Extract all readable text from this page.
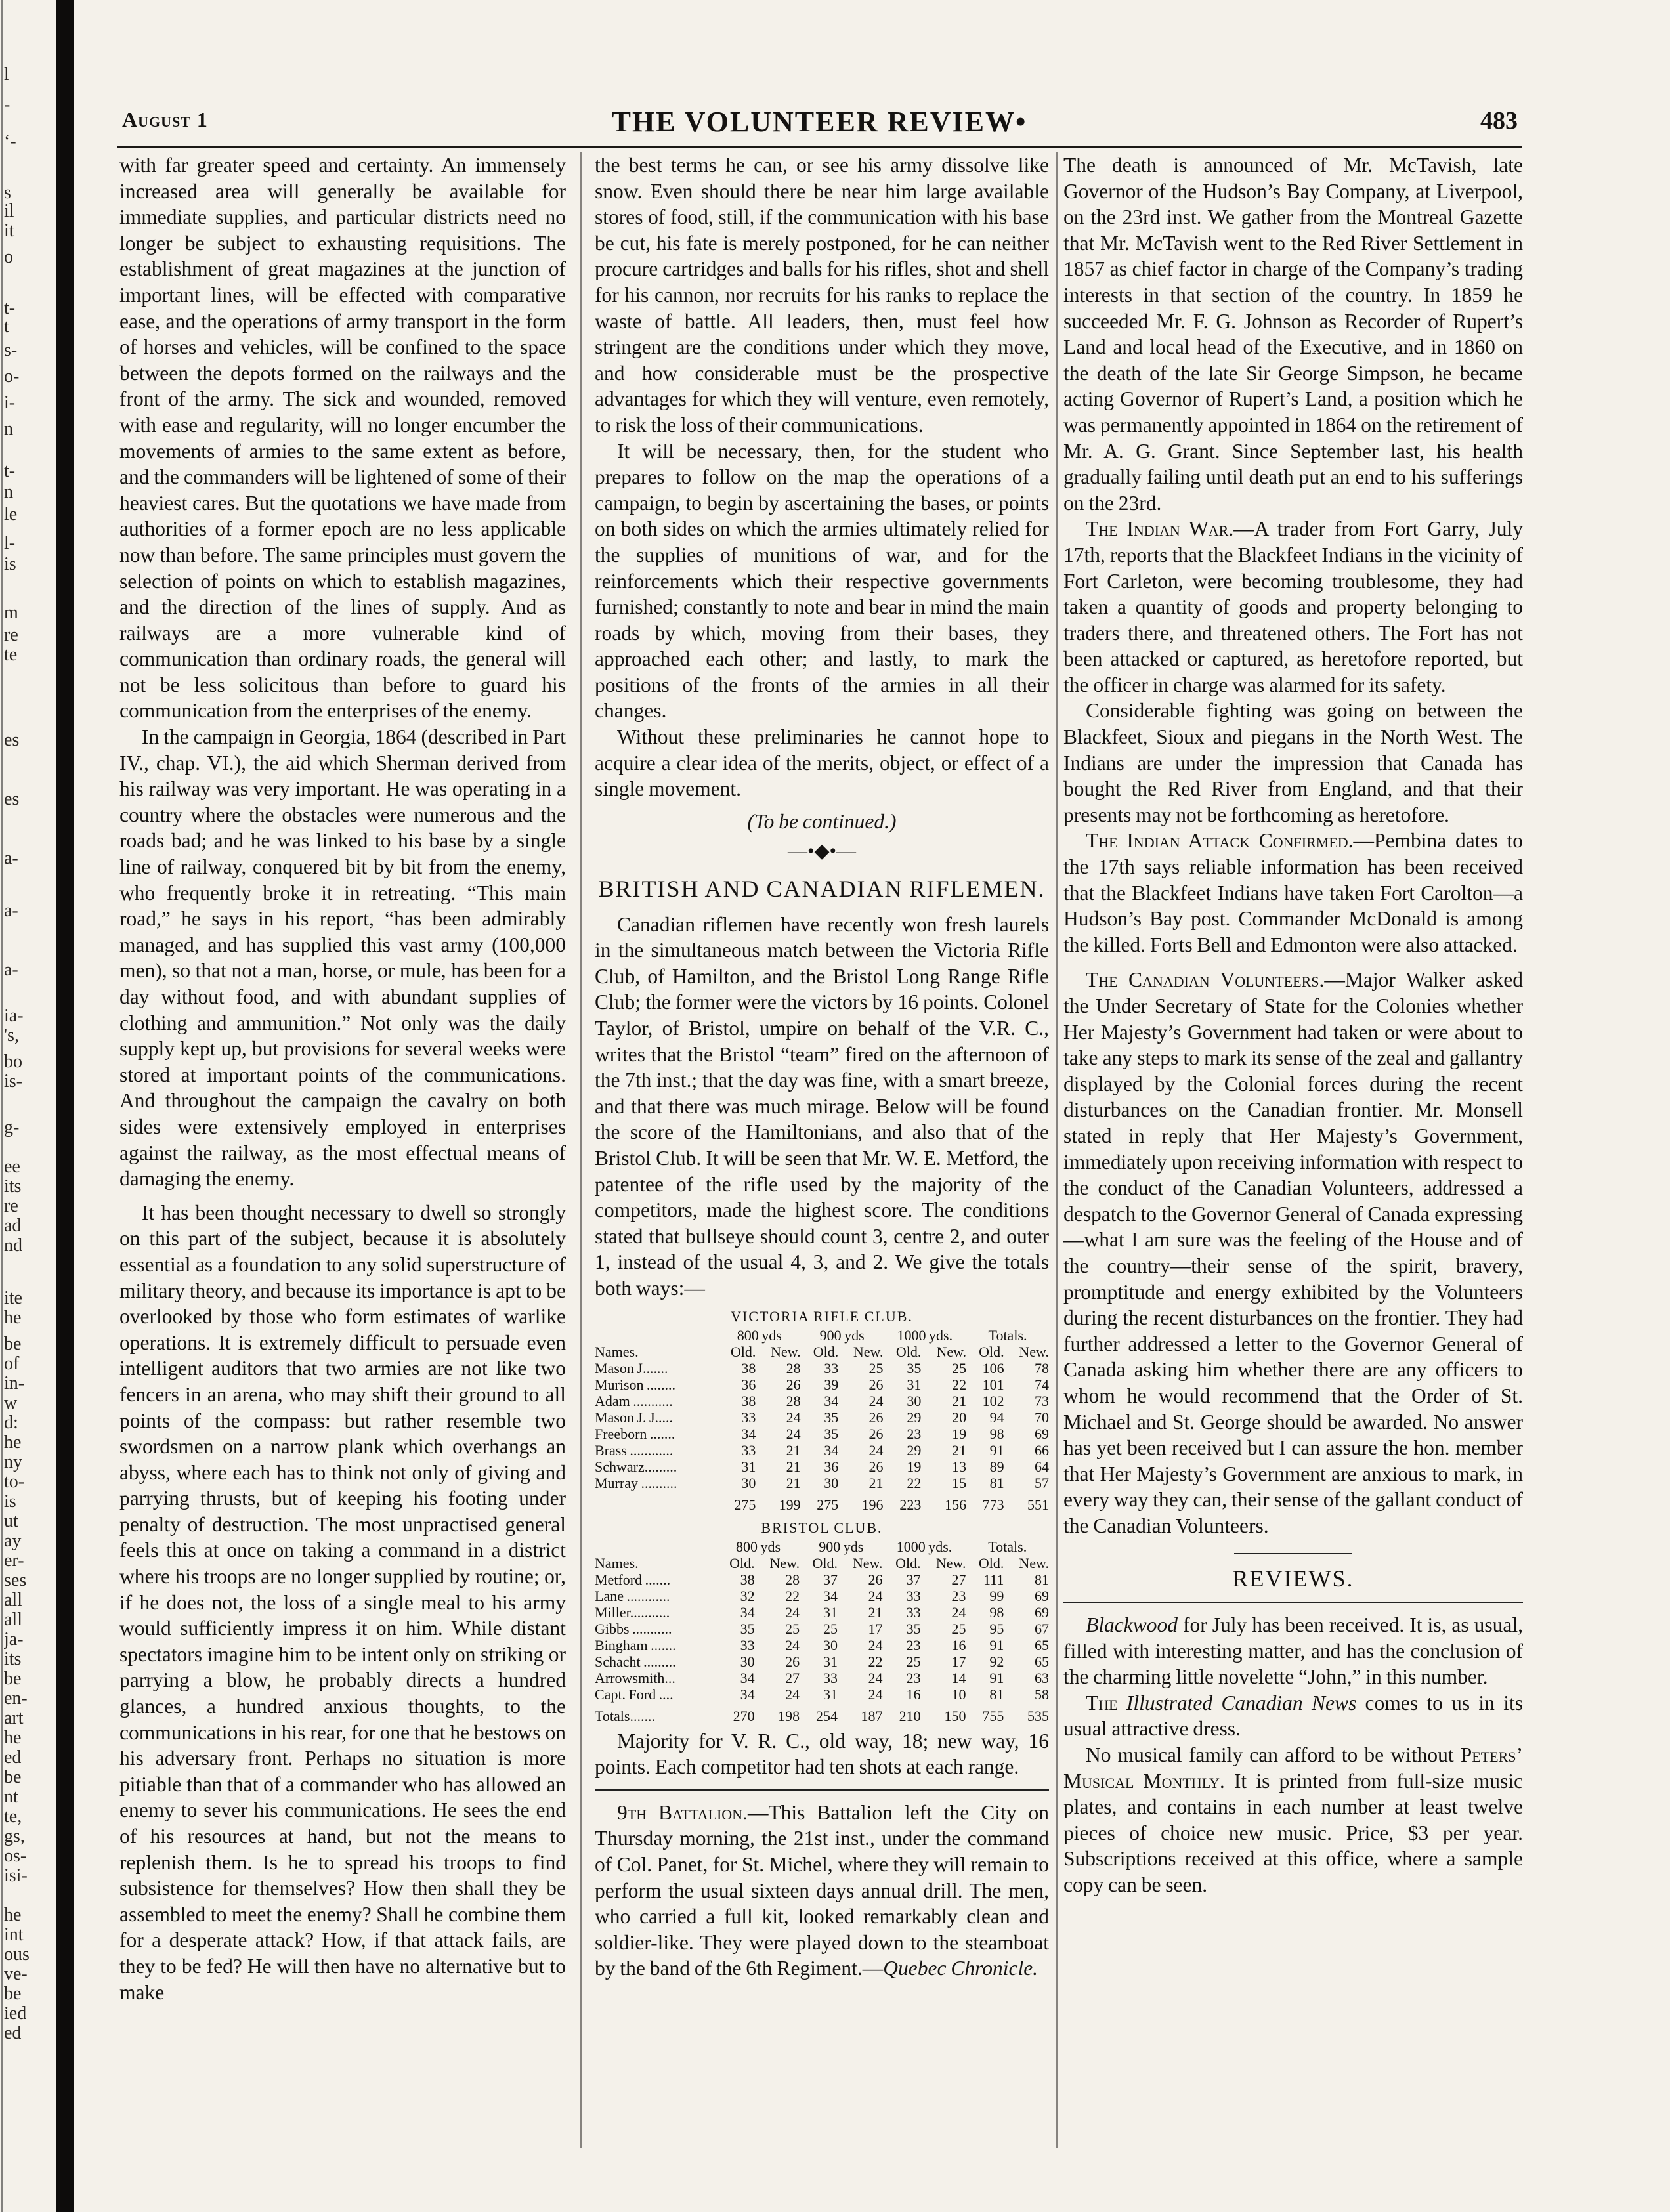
l
-
‘-
s
il
it
o
t-
t
s-
o-
i-
n
t-
n
le
l-
is
m
re
te
es
es
a-
a-
a-
ia-
's,
bo
is-
g-
ee
its
re
ad
nd
ite
he
be
of
in-
w
d:
he
ny
to-
is
ut
ay
er-
ses
all
all
ja-
its
be
en-
art
he
ed
be
nt
te,
gs,
os-
isi-
he
int
ous
ve-
be
ied
ed
August 1	THE VOLUNTEER REVIEW•	483

with far greater speed and certainty. An immensely increased area will generally be available for immediate supplies, and particular districts need no longer be subject to exhausting requisitions. The establishment of great magazines at the junction of important lines, will be effected with comparative ease, and the operations of army transport in the form of horses and vehicles, will be confined to the space between the depots formed on the railways and the front of the army. The sick and wounded, removed with ease and regularity, will no longer encumber the movements of armies to the same extent as before, and the commanders will be lightened of some of their heaviest cares. But the quotations we have made from authorities of a former epoch are no less applicable now than before. The same principles must govern the selection of points on which to establish magazines, and the direction of the lines of supply. And as railways are a more vulnerable kind of communication than ordinary roads, the general will not be less solicitous than before to guard his communication from the enterprises of the enemy.

In the campaign in Georgia, 1864 (described in Part IV., chap. VI.), the aid which Sherman derived from his railway was very important. He was operating in a country where the obstacles were numerous and the roads bad; and he was linked to his base by a single line of railway, conquered bit by bit from the enemy, who frequently broke it in retreating. “This main road,” he says in his report, “has been admirably managed, and has supplied this vast army (100,000 men), so that not a man, horse, or mule, has been for a day without food, and with abundant supplies of clothing and ammunition.” Not only was the daily supply kept up, but provisions for several weeks were stored at important points of the communications. And throughout the campaign the cavalry on both sides were extensively employed in enterprises against the railway, as the most effectual means of damaging the enemy.

It has been thought necessary to dwell so strongly on this part of the subject, because it is absolutely essential as a foundation to any solid superstructure of military theory, and because its importance is apt to be overlooked by those who form estimates of warlike operations. It is extremely difficult to persuade even intelligent auditors that two armies are not like two fencers in an arena, who may shift their ground to all points of the compass: but rather resemble two swordsmen on a narrow plank which overhangs an abyss, where each has to think not only of giving and parrying thrusts, but of keeping his footing under penalty of destruction. The most unpractised general feels this at once on taking a command in a district where his troops are no longer supplied by routine; or, if he does not, the loss of a single meal to his army would sufficiently impress it on him. While distant spectators imagine him to be intent only on striking or parrying a blow, he probably directs a hundred glances, a hundred anxious thoughts, to the communications in his rear, for one that he bestows on his adversary front. Perhaps no situation is more pitiable than that of a commander who has allowed an enemy to sever his communications. He sees the end of his resources at hand, but not the means to replenish them. Is he to spread his troops to find subsistence for themselves? How then shall they be assembled to meet the enemy? Shall he combine them for a desperate attack? How, if that attack fails, are they to be fed? He will then have no alternative but to make

the best terms he can, or see his army dissolve like snow. Even should there be near him large available stores of food, still, if the communication with his base be cut, his fate is merely postponed, for he can neither procure cartridges and balls for his rifles, shot and shell for his cannon, nor recruits for his ranks to replace the waste of battle. All leaders, then, must feel how stringent are the conditions under which they move, and how considerable must be the prospective advantages for which they will venture, even remotely, to risk the loss of their communications.

It will be necessary, then, for the student who prepares to follow on the map the operations of a campaign, to begin by ascertaining the bases, or points on both sides on which the armies ultimately relied for the supplies of munitions of war, and for the reinforcements which their respective governments furnished; constantly to note and bear in mind the main roads by which, moving from their bases, they approached each other; and lastly, to mark the positions of the fronts of the armies in all their changes.

Without these preliminaries he cannot hope to acquire a clear idea of the merits, object, or effect of a single movement.

(To be continued.)
—•◆•—
BRITISH AND CANADIAN RIFLEMEN.

Canadian riflemen have recently won fresh laurels in the simultaneous match between the Victoria Rifle Club, of Hamilton, and the Bristol Long Range Rifle Club; the former were the victors by 16 points. Colonel Taylor, of Bristol, umpire on behalf of the V.R. C., writes that the Bristol “team” fired on the afternoon of the 7th inst.; that the day was fine, with a smart breeze, and that there was much mirage. Below will be found the score of the Hamiltonians, and also that of the Bristol Club. It will be seen that Mr. W. E. Metford, the patentee of the rifle used by the majority of the competitors, made the highest score. The conditions stated that bullseye should count 3, centre 2, and outer 1, instead of the usual 4, 3, and 2. We give the totals both ways:—

VICTORIA RIFLE CLUB.
	800 yds		900 yds		1000 yds.		Totals.	
Names.	Old.	New.	Old.	New.	Old.	New.	Old.	New.
Mason J.......	38	28	33	25	35	25	106	78
Murison ........	36	26	39	26	31	22	101	74
Adam ...........	38	28	34	24	30	21	102	73
Mason J. J.....	33	24	35	26	29	20	94	70
Freeborn .......	34	24	35	26	23	19	98	69
Brass ............	33	21	34	24	29	21	91	66
Schwarz.........	31	21	36	26	19	13	89	64
Murray ..........	30	21	30	21	22	15	81	57
	275	199	275	196	223	156	773	551
BRISTOL CLUB.
	800 yds		900 yds		1000 yds.		Totals.	
Names.	Old.	New.	Old.	New.	Old.	New.	Old.	New.
Metford .......	38	28	37	26	37	27	111	81
Lane ............	32	22	34	24	33	23	99	69
Miller...........	34	24	31	21	33	24	98	69
Gibbs ...........	35	25	25	17	35	25	95	67
Bingham .......	33	24	30	24	23	16	91	65
Schacht .........	30	26	31	22	25	17	92	65
Arrowsmith...	34	27	33	24	23	14	91	63
Capt. Ford ....	34	24	31	24	16	10	81	58
Totals.......	270	198	254	187	210	150	755	535

Majority for V. R. C., old way, 18; new way, 16 points. Each competitor had ten shots at each range.

9th Battalion.—This Battalion left the City on Thursday morning, the 21st inst., under the command of Col. Panet, for St. Michel, where they will remain to perform the usual sixteen days annual drill. The men, who carried a full kit, looked remarkably clean and soldier-like. They were played down to the steamboat by the band of the 6th Regiment.—Quebec Chronicle.

The death is announced of Mr. McTavish, late Governor of the Hudson’s Bay Company, at Liverpool, on the 23rd inst. We gather from the Montreal Gazette that Mr. McTavish went to the Red River Settlement in 1857 as chief factor in charge of the Company’s trading interests in that section of the country. In 1859 he succeeded Mr. F. G. Johnson as Recorder of Rupert’s Land and local head of the Executive, and in 1860 on the death of the late Sir George Simpson, he became acting Governor of Rupert’s Land, a position which he was permanently appointed in 1864 on the retirement of Mr. A. G. Grant. Since September last, his health gradually failing until death put an end to his sufferings on the 23rd.

The Indian War.—A trader from Fort Garry, July 17th, reports that the Blackfeet Indians in the vicinity of Fort Carleton, were becoming troublesome, they had taken a quantity of goods and property belonging to traders there, and threatened others. The Fort has not been attacked or captured, as heretofore reported, but the officer in charge was alarmed for its safety.

Considerable fighting was going on between the Blackfeet, Sioux and piegans in the North West. The Indians are under the impression that Canada has bought the Red River from England, and that their presents may not be forthcoming as heretofore.

The Indian Attack Confirmed.—Pembina dates to the 17th says reliable information has been received that the Blackfeet Indians have taken Fort Carolton—a Hudson’s Bay post. Commander McDonald is among the killed. Forts Bell and Edmonton were also attacked.

The Canadian Volunteers.—Major Walker asked the Under Secretary of State for the Colonies whether Her Majesty’s Government had taken or were about to take any steps to mark its sense of the zeal and gallantry displayed by the Colonial forces during the recent disturbances on the Canadian frontier. Mr. Monsell stated in reply that Her Majesty’s Government, immediately upon receiving information with respect to the conduct of the Canadian Volunteers, addressed a despatch to the Governor General of Canada expressing—what I am sure was the feeling of the House and of the country—their sense of the spirit, bravery, promptitude and energy exhibited by the Volunteers during the recent disturbances on the frontier. They had further addressed a letter to the Governor General of Canada asking him whether there are any officers to whom he would recommend that the Order of St. Michael and St. George should be awarded. No answer has yet been received but I can assure the hon. member that Her Majesty’s Government are anxious to mark, in every way they can, their sense of the gallant conduct of the Canadian Volunteers.

REVIEWS.

Blackwood for July has been received. It is, as usual, filled with interesting matter, and has the conclusion of the charming little novelette “John,” in this number.

The Illustrated Canadian News comes to us in its usual attractive dress.

No musical family can afford to be without Peters’ Musical Monthly. It is printed from full-size music plates, and contains in each number at least twelve pieces of choice new music. Price, $3 per year. Subscriptions received at this office, where a sample copy can be seen.
